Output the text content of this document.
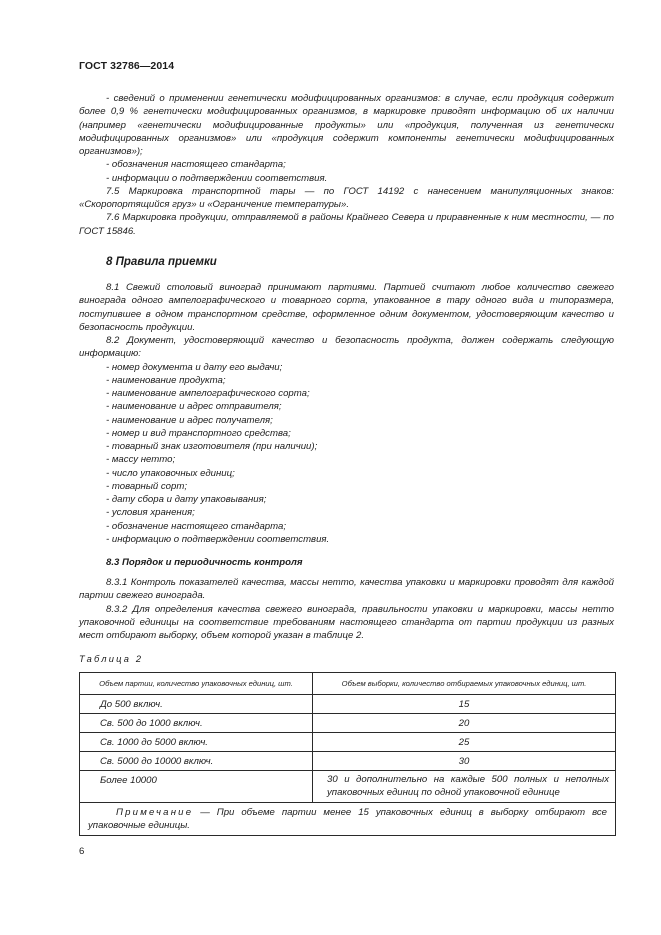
ГОСТ 32786—2014

- сведений о применении генетически модифицированных организмов: в случае, если продукция содержит более 0,9 % генетически модифицированных организмов, в маркировке приводят информацию об их наличии (например «генетически модифицированные продукты» или «продукция, полученная из генетически модифицированных организмов» или «продукция содержит компоненты генетически модифицированных организмов»);

- обозначения настоящего стандарта;

- информации о подтверждении соответствия.

7.5 Маркировка транспортной тары — по ГОСТ 14192 с нанесением манипуляционных знаков: «Скоропортящийся груз» и «Ограничение температуры».

7.6 Маркировка продукции, отправляемой в районы Крайнего Севера и приравненные к ним местности, — по ГОСТ 15846.

8 Правила приемки

8.1 Свежий столовый виноград принимают партиями. Партией считают любое количество свежего винограда одного ампелографического и товарного сорта, упакованное в тару одного вида и типоразмера, поступившее в одном транспортном средстве, оформленное одним документом, удостоверяющим качество и безопасность продукции.

8.2 Документ, удостоверяющий качество и безопасность продукта, должен содержать следующую информацию:

- номер документа и дату его выдачи;

- наименование продукта;

- наименование ампелографического сорта;

- наименование и адрес отправителя;

- наименование и адрес получателя;

- номер и вид транспортного средства;

- товарный знак изготовителя (при наличии);

- массу нетто;

- число упаковочных единиц;

- товарный сорт;

- дату сбора и дату упаковывания;

- условия хранения;

- обозначение настоящего стандарта;

- информацию о подтверждении соответствия.

8.3 Порядок и периодичность контроля

8.3.1 Контроль показателей качества, массы нетто, качества упаковки и маркировки проводят для каждой партии свежего винограда.

8.3.2 Для определения качества свежего винограда, правильности упаковки и маркировки, массы нетто упаковочной единицы на соответствие требованиям настоящего стандарта от партии продукции из разных мест отбирают выборку, объем которой указан в таблице 2.

Таблица 2
Объем партии, количество упаковочных единиц, шт.	Объем выборки, количество отбираемых упаковочных единиц, шт.
До 500 включ.	15
Св. 500 до 1000 включ.	20
Св. 1000 до 5000 включ.	25
Св. 5000 до 10000 включ.	30
Более 10000	30 и дополнительно на каждые 500 полных и неполных упаковочных единиц по одной упаковочной единице
Примечание — При объеме партии менее 15 упаковочных единиц в выборку отбирают все упаковочные единицы.	
6
